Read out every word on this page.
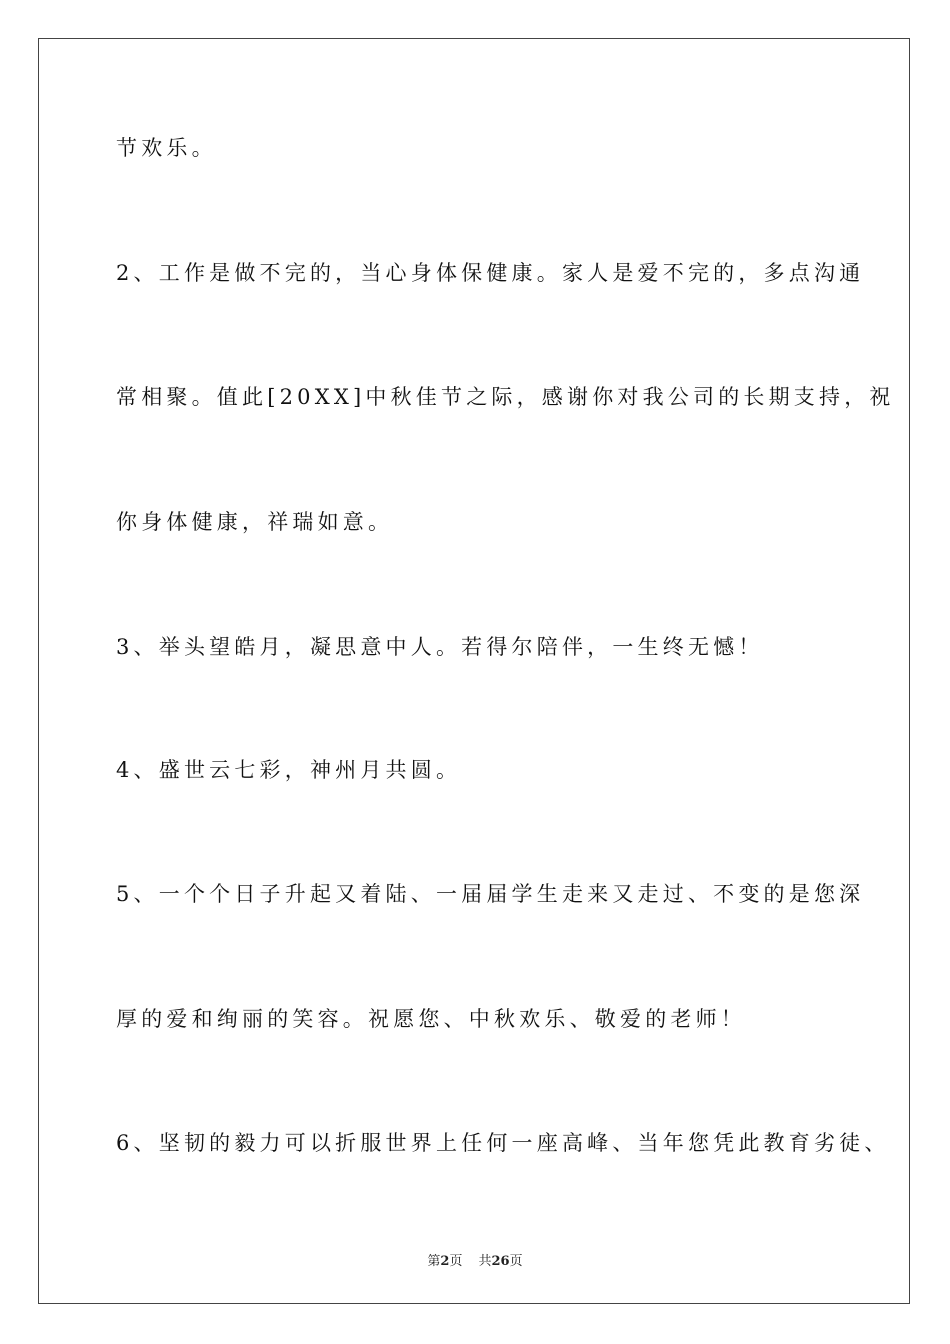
节欢乐。
2、工作是做不完的，当心身体保健康。家人是爱不完的，多点沟通
常相聚。值此[20XX]中秋佳节之际，感谢你对我公司的长期支持，祝
你身体健康，祥瑞如意。
3、举头望皓月，凝思意中人。若得尔陪伴，一生终无憾！
4、盛世云七彩，神州月共圆。
5、一个个日子升起又着陆、一届届学生走来又走过、不变的是您深
厚的爱和绚丽的笑容。祝愿您、中秋欢乐、敬爱的老师！
6、坚韧的毅力可以折服世界上任何一座高峰、当年您凭此教育劣徒、
第2页 共26页
